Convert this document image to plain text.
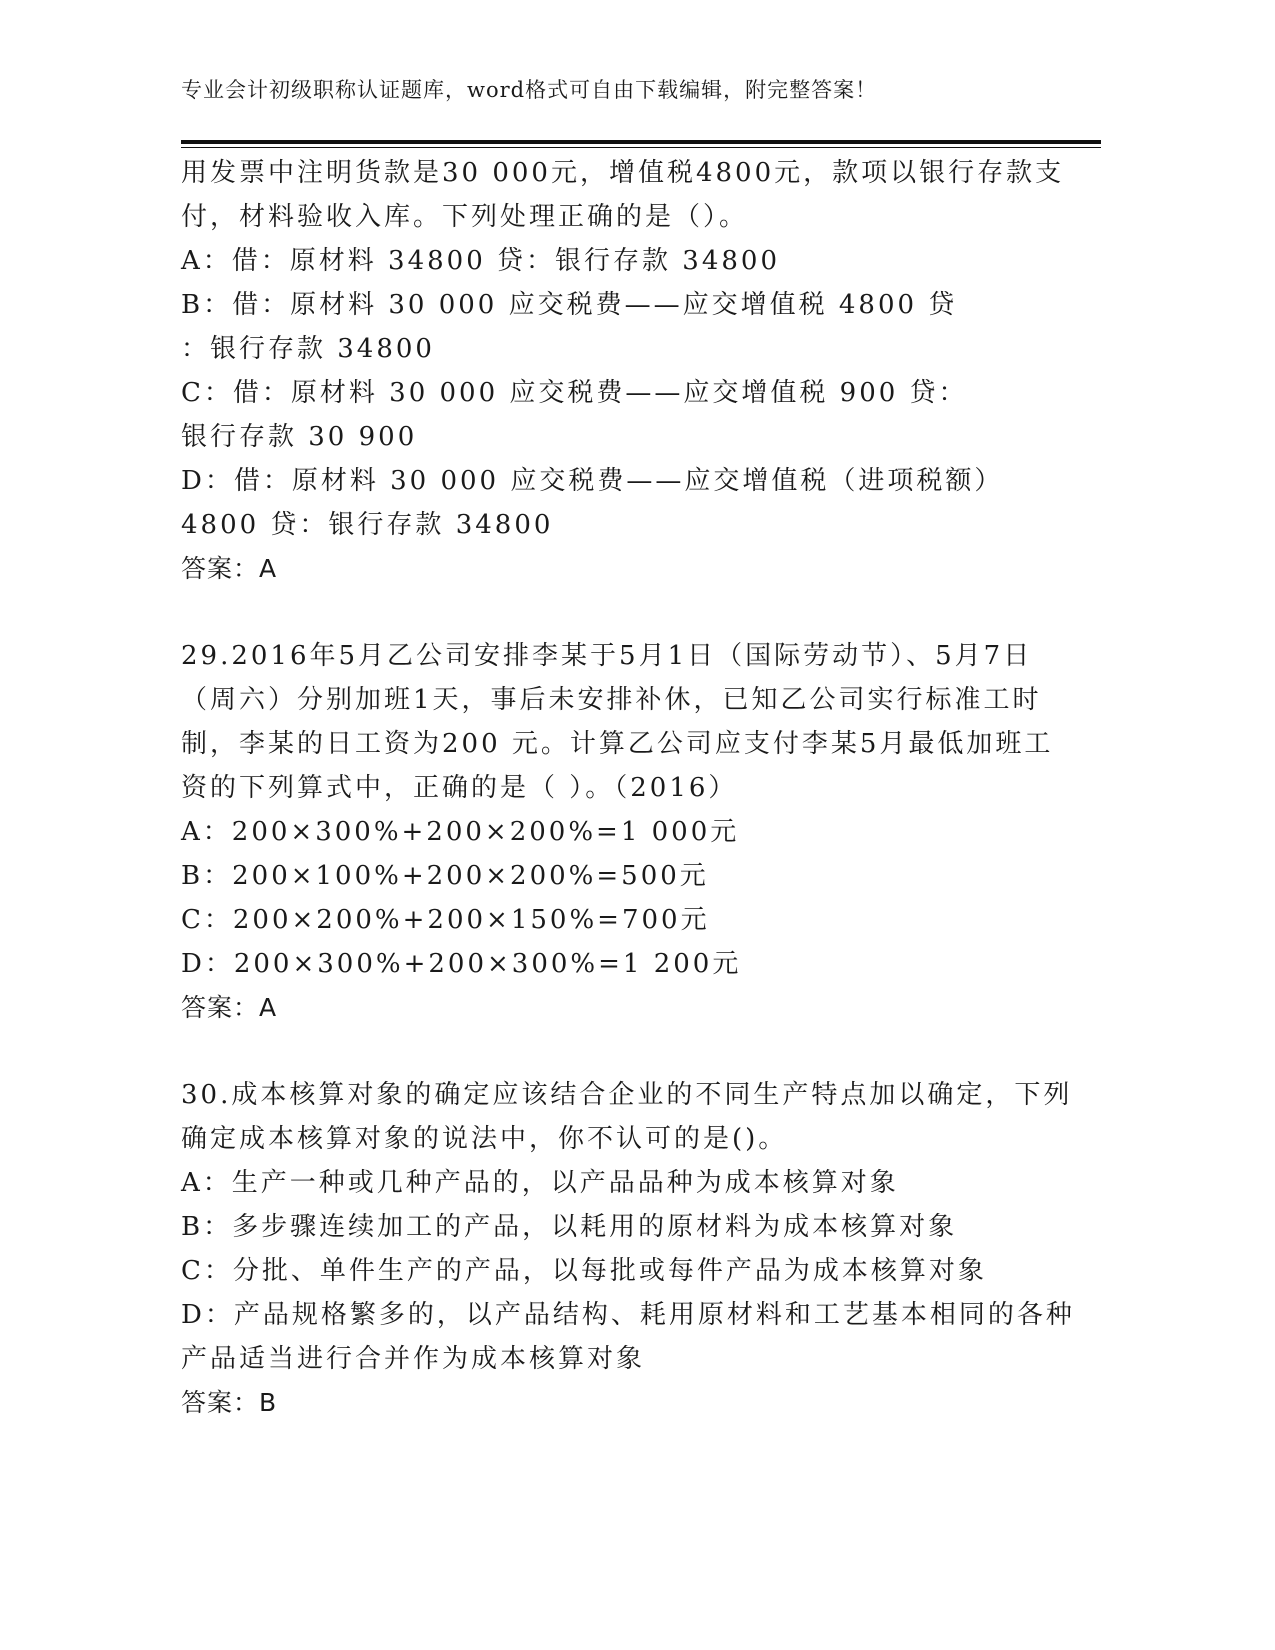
专业会计初级职称认证题库，word格式可自由下载编辑，附完整答案！
用发票中注明货款是30 000元，增值税4800元，款项以银行存款支
付，材料验收入库。下列处理正确的是（）。
A：借：原材料 34800 贷：银行存款 34800
B：借：原材料 30 000 应交税费——应交增值税 4800 贷
：银行存款 34800
C：借：原材料 30 000 应交税费——应交增值税 900 贷：
银行存款 30 900
D：借：原材料 30 000 应交税费——应交增值税（进项税额）
4800 贷：银行存款 34800
答案：A
29.2016年5月乙公司安排李某于5月1日（国际劳动节）、5月7日
（周六）分别加班1天，事后未安排补休，已知乙公司实行标准工时
制，李某的日工资为200 元。计算乙公司应支付李某5月最低加班工
资的下列算式中，正确的是（ ）。（2016）
A：200×300%+200×200%=1 000元
B：200×100%+200×200%=500元
C：200×200%+200×150%=700元
D：200×300%+200×300%=1 200元
答案：A
30.成本核算对象的确定应该结合企业的不同生产特点加以确定，下列
确定成本核算对象的说法中，你不认可的是()。
A：生产一种或几种产品的，以产品品种为成本核算对象
B：多步骤连续加工的产品，以耗用的原材料为成本核算对象
C：分批、单件生产的产品，以每批或每件产品为成本核算对象
D：产品规格繁多的，以产品结构、耗用原材料和工艺基本相同的各种
产品适当进行合并作为成本核算对象
答案：B
